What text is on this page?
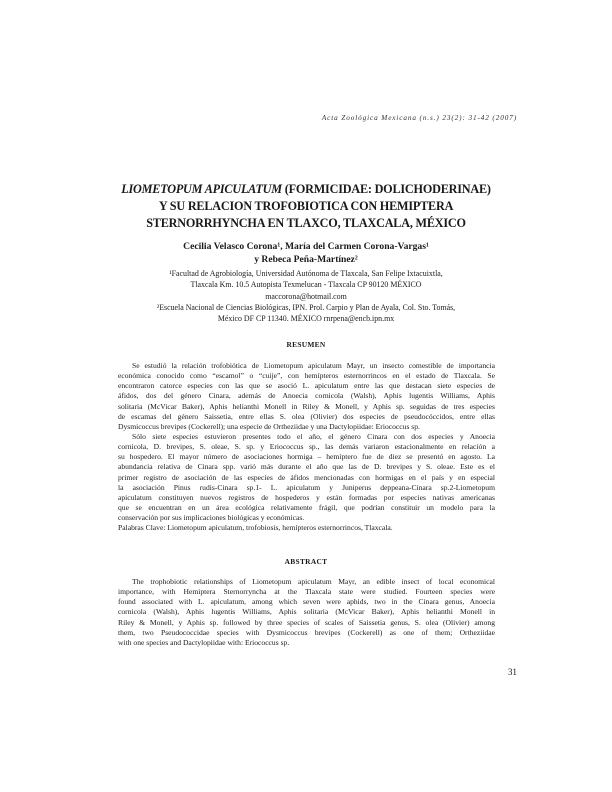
Acta Zoológica Mexicana (n.s.) 23(2): 31-42 (2007)
LIOMETOPUM APICULATUM (FORMICIDAE: DOLICHODERINAE)
Y SU RELACION TROFOBIOTICA CON HEMIPTERA
STERNORRHYNCHA EN TLAXCO, TLAXCALA, MÉXICO
Cecilia Velasco Corona¹, María del Carmen Corona-Vargas¹
y Rebeca Peña-Martínez²
¹Facultad de Agrobiología, Universidad Autónoma de Tlaxcala, San Felipe Ixtacuixtla,
Tlaxcala Km. 10.5 Autopista Texmelucan - Tlaxcala CP 90120 MÉXICO
maccorona@hotmail.com
²Escuela Nacional de Ciencias Biológicas, IPN. Prol. Carpio y Plan de Ayala, Col. Sto. Tomás,
México DF CP 11340. MÉXICO rnrpena@encb.ipn.mx
RESUMEN
Se estudió la relación trofobiótica de Liometopum apiculatum Mayr, un insecto comestible de importancia
económica conocido como “escamol” o “cuije”, con hemípteros esternorrincos en el estado de Tlaxcala. Se
encontraron catorce especies con las que se asoció L. apiculatum entre las que destacan siete especies de
áfidos, dos del género Cinara, además de Anoecia cornicola (Walsh), Aphis lugentis Williams, Aphis
solitaria (McVicar Baker), Aphis helianthi Monell in Riley & Monell, y Aphis sp. seguidas de tres especies
de escamas del género Saissetia, entre ellas S. olea (Olivier) dos especies de pseudocóccidos, entre ellas
Dysmicoccus brevipes (Cockerell); una especie de Ortheziidae y una Dactylopiidae: Eriococcus sp.
Sólo siete especies estuvieron presentes todo el año, el género Cinara con dos especies y Anoecia
cornicola, D. brevipes, S. oleae, S. sp. y Eriococcus sp., las demás variaron estacionalmente en relación a
su hospedero. El mayor número de asociaciones hormiga – hemíptero fue de diez se presentó en agosto. La
abundancia relativa de Cinara spp. varió más durante el año que las de D. brevipes y S. oleae. Este es el
primer registro de asociación de las especies de áfidos mencionadas con hormigas en el país y en especial
la asociación Pinus rudis-Cinara sp.1- L. apiculatum y Juniperus deppeana-Cinara sp.2-Liometopum
apiculatum constituyen nuevos registros de hospederos y están formadas por especies nativas americanas
que se encuentran en un área ecológica relativamente frágil, que podrían constituir un modelo para la
conservación por sus implicaciones biológicas y económicas.
Palabras Clave: Liometopum apiculatum, trofobiosis, hemípteros esternorrincos, Tlaxcala.
ABSTRACT
The trophobiotic relationships of Liometopum apiculatum Mayr, an edible insect of local economical
importance, with Hemiptera Sternorryncha at the Tlaxcala state were studied. Fourteen species were
found associated with L. apiculatum, among which seven were aphids, two in the Cinara genus, Anoecia
cornicola (Walsh), Aphis lugentis Williams, Aphis solitaria (McVicar Baker), Aphis helianthi Monell in
Riley & Monell, y Aphis sp. followed by three species of scales of Saissetia genus, S. olea (Olivier) among
them, two Pseudococcidae species with Dysmicoccus brevipes (Cockerell) as one of them; Ortheziidae
with one species and Dactylopiidae with: Eriococcus sp.
31
